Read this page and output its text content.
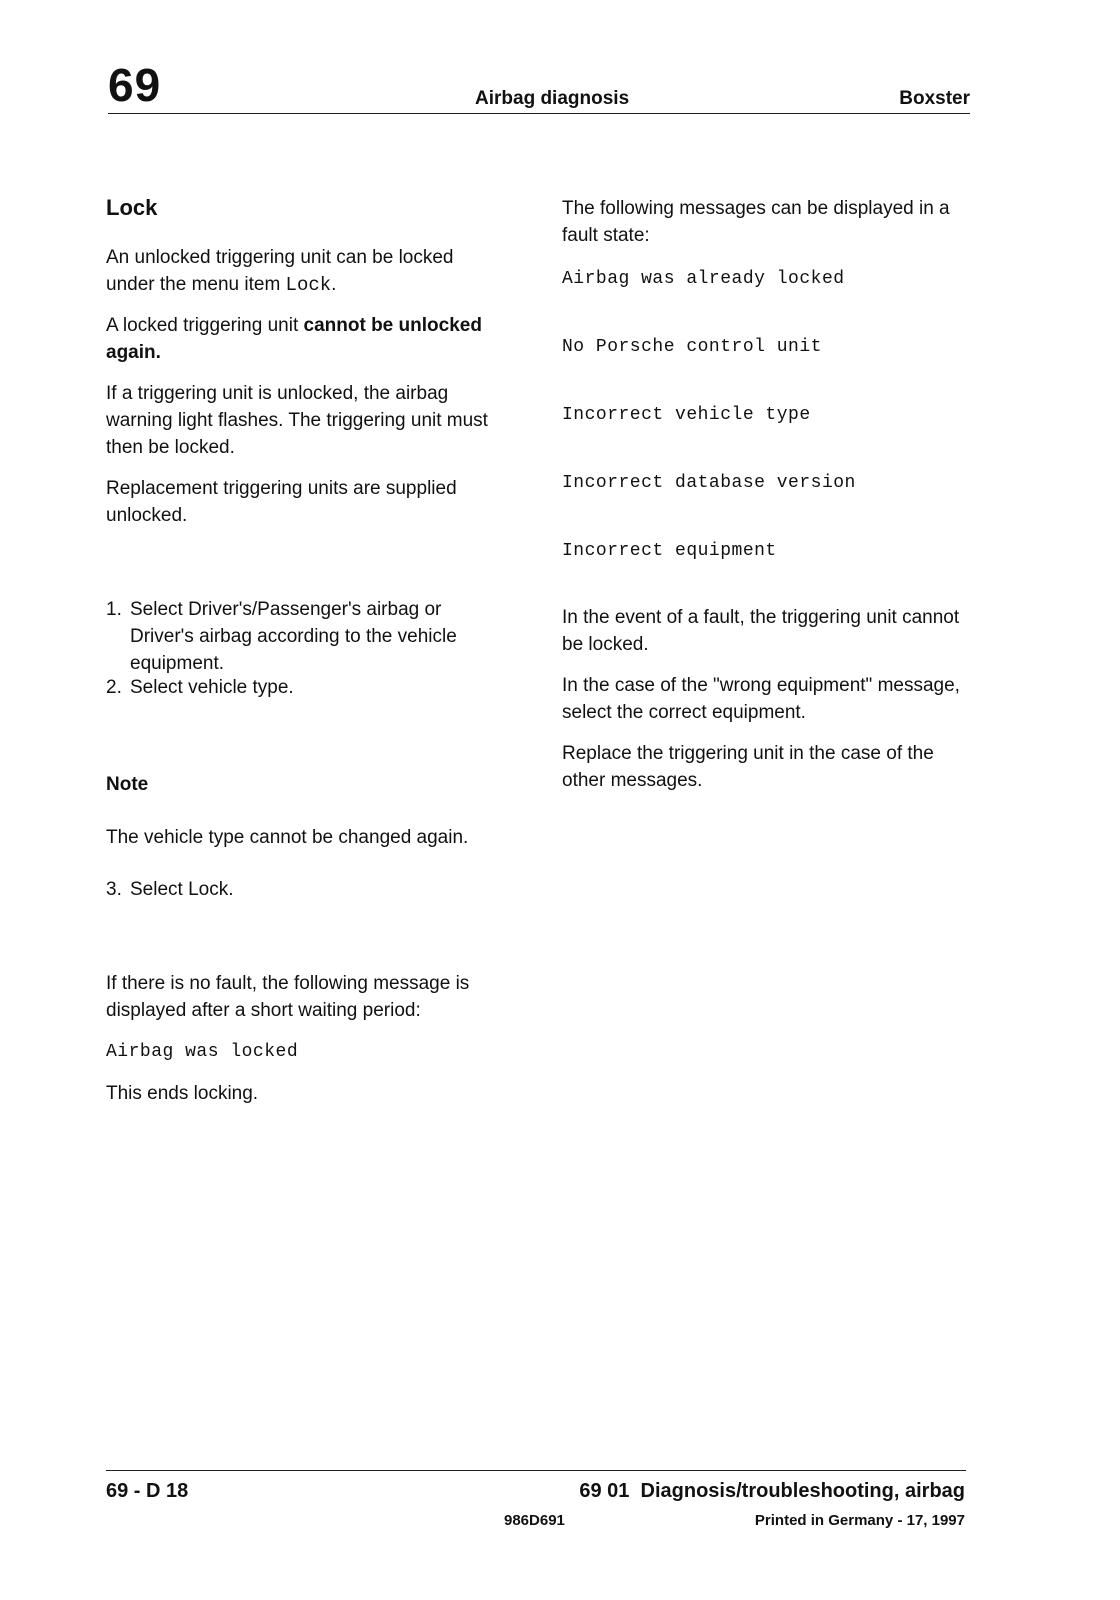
69	Airbag diagnosis	Boxster
Lock

An unlocked triggering unit can be locked under the menu item Lock.

A locked triggering unit cannot be unlocked again.

If a triggering unit is unlocked, the airbag warning light flashes. The triggering unit must then be locked.

Replacement triggering units are supplied unlocked.

1. Select Driver's/Passenger's airbag or Driver's airbag according to the vehicle equipment.
2. Select vehicle type.
Note

The vehicle type cannot be changed again.

3. Select Lock.

If there is no fault, the following message is displayed after a short waiting period:

Airbag was locked

This ends locking.

The following messages can be displayed in a fault state:

Airbag was already locked
No Porsche control unit
Incorrect vehicle type
Incorrect database version
Incorrect equipment

In the event of a fault, the triggering unit cannot be locked.

In the case of the "wrong equipment" message, select the correct equipment.

Replace the triggering unit in the case of the other messages.

69 - D 18	69 01  Diagnosis/troubleshooting, airbag
986D691	Printed in Germany - 17, 1997
